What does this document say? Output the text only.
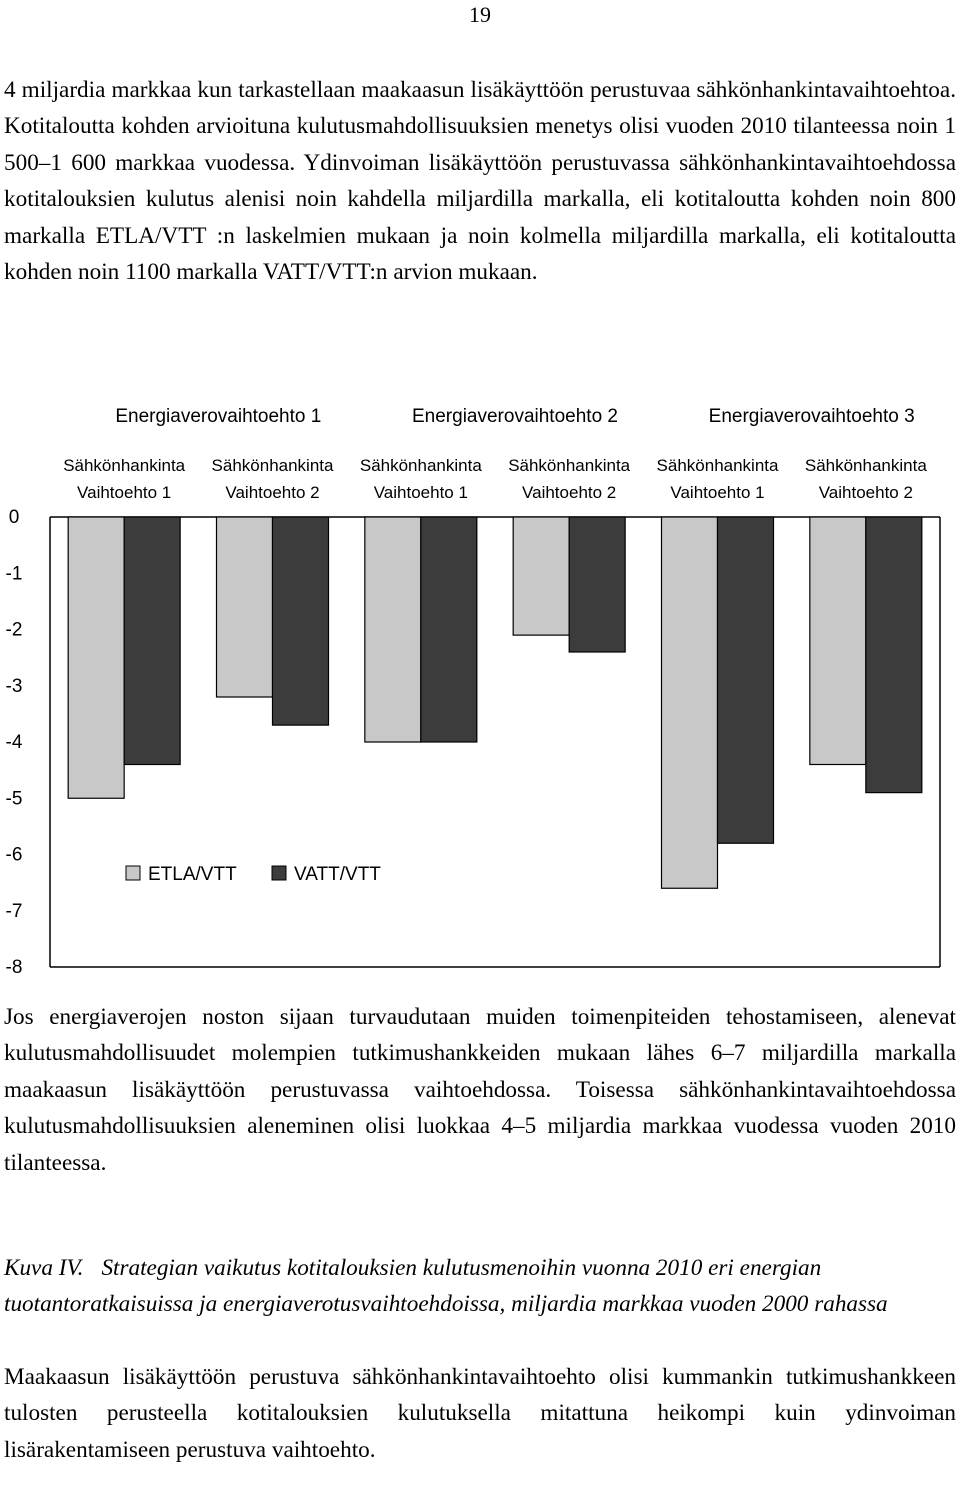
19

4 miljardia markkaa kun tarkastellaan maakaasun lisäkäyttöön perustuvaa sähkönhankintavaihtoehtoa. Kotitaloutta kohden arvioituna kulutusmahdollisuuksien menetys olisi vuoden 2010 tilanteessa noin 1 500–1 600 markkaa vuodessa. Ydinvoiman lisäkäyttöön perustuvassa sähkönhankintavaihtoehdossa kotitalouksien kulutus alenisi noin kahdella miljardilla markalla, eli kotitaloutta kohden noin 800 markalla ETLA/VTT :n laskelmien mukaan ja noin kolmella miljardilla markalla, eli kotitaloutta kohden noin 1100 markalla VATT/VTT:n arvion mukaan.

0
-1
-2
-3
-4
-5
-6
-7
-8
Energiaverovaihtoehto 1
Sähkönhankinta
Vaihtoehto 1
Sähkönhankinta
Vaihtoehto 2
Energiaverovaihtoehto 2
Sähkönhankinta
Vaihtoehto 1
Sähkönhankinta
Vaihtoehto 2
Energiaverovaihtoehto 3
Sähkönhankinta
Vaihtoehto 1
Sähkönhankinta
Vaihtoehto 2
ETLA/VTT	VATT/VTT

Jos energiaverojen noston sijaan turvaudutaan muiden toimenpiteiden tehostamiseen, alenevat kulutusmahdollisuudet molempien tutkimushankkeiden mukaan lähes 6–7 miljardilla markalla maakaasun lisäkäyttöön perustuvassa vaihtoehdossa. Toisessa sähkönhankintavaihtoehdossa kulutusmahdollisuuksien aleneminen olisi luokkaa 4–5 miljardia markkaa vuodessa vuoden 2010 tilanteessa.

Kuva IV. Strategian vaikutus kotitalouksien kulutusmenoihin vuonna 2010 eri energian tuotantoratkaisuissa ja energiaverotusvaihtoehdoissa, miljardia markkaa vuoden 2000 rahassa

Maakaasun lisäkäyttöön perustuva sähkönhankintavaihtoehto olisi kummankin tutkimushankkeen tulosten perusteella kotitalouksien kulutuksella mitattuna heikompi kuin ydinvoiman lisärakentamiseen perustuva vaihtoehto.
